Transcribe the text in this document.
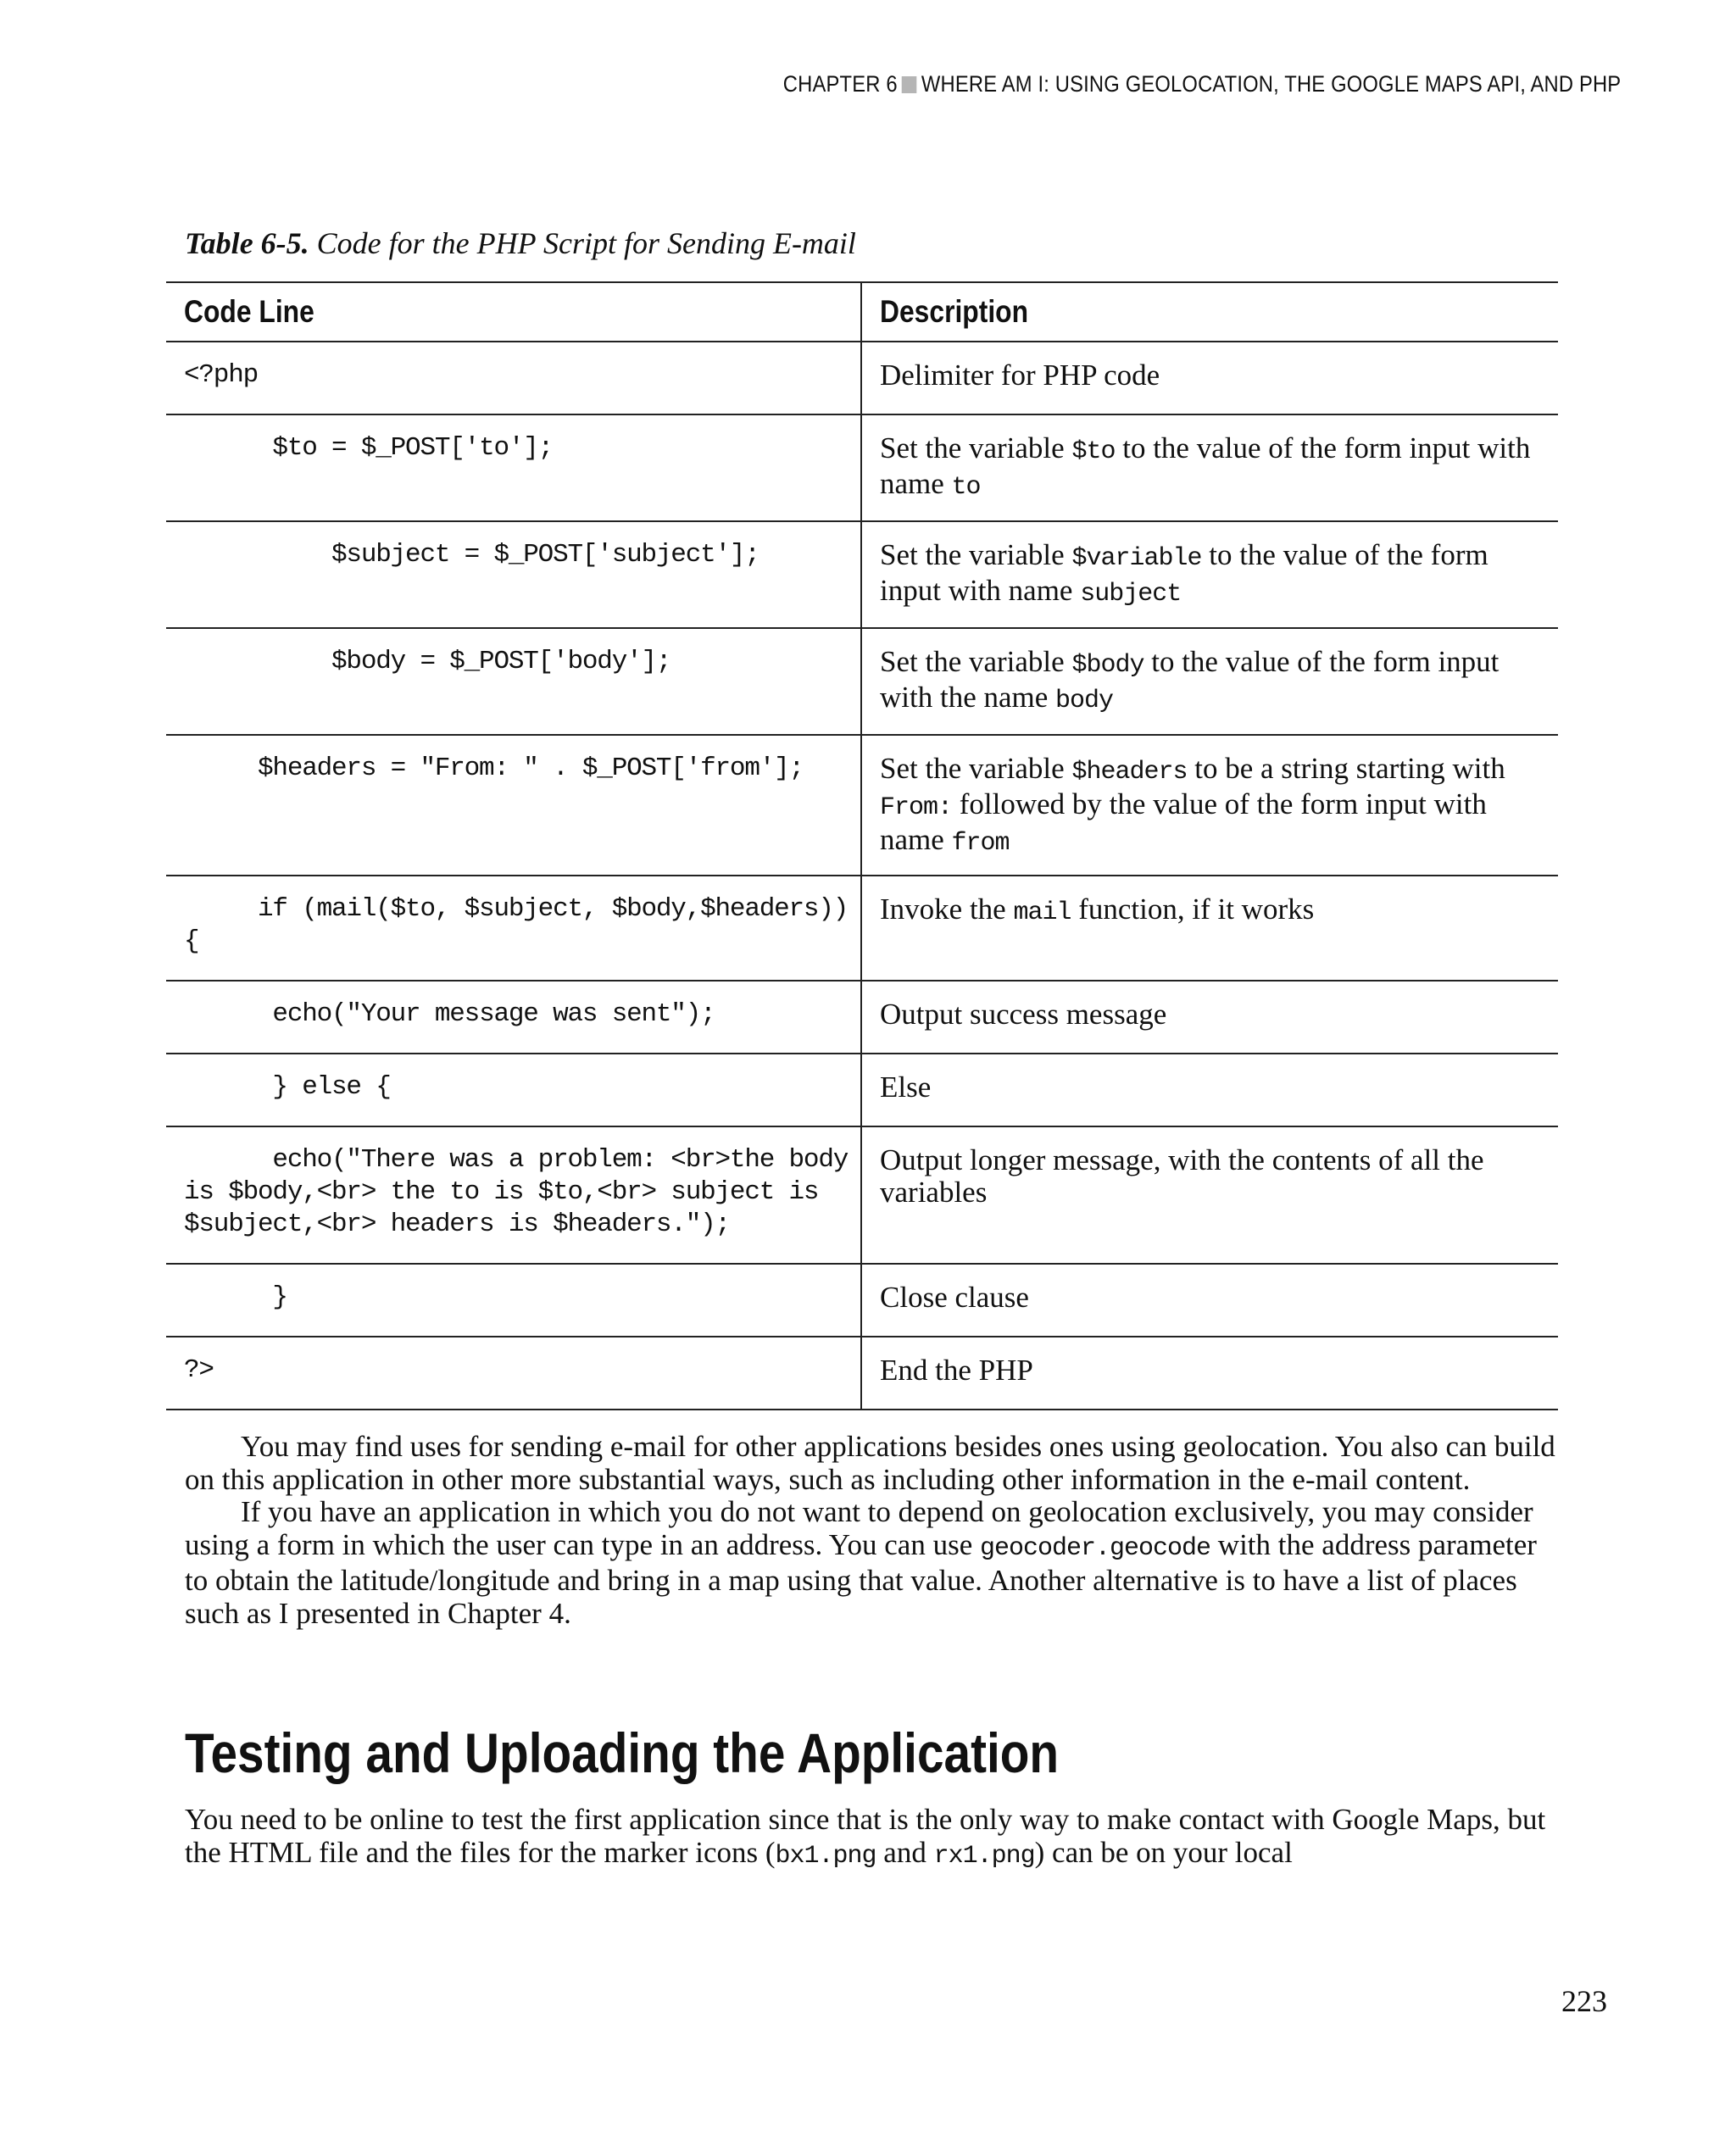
CHAPTER 6 WHERE AM I: USING GEOLOCATION, THE GOOGLE MAPS API, AND PHP
Table 6-5. Code for the PHP Script for Sending E-mail
Code Line	Description

<?php	Delimiter for PHP code

$to = $_POST['to'];	Set the variable $to to the value of the form input with name to

$subject = $_POST['subject'];	Set the variable $variable to the value of the form input with name subject

$body = $_POST['body'];	Set the variable $body to the value of the form input with the name body

$headers = "From: " . $_POST['from'];	Set the variable $headers to be a string starting with From: followed by the value of the form input with name from

if (mail($to, $subject, $body,$headers))
{	Invoke the mail function, if it works

echo("Your message was sent");	Output success message

} else {	Else

echo("There was a problem: <br>the body
is $body,<br> the to is $to,<br> subject is
$subject,<br> headers is $headers.");	Output longer message, with the contents of all the variables

}	Close clause

?>	End the PHP

You may find uses for sending e-mail for other applications besides ones using geolocation. You also can build on this application in other more substantial ways, such as including other information in the e-mail content.

If you have an application in which you do not want to depend on geolocation exclusively, you may consider using a form in which the user can type in an address. You can use geocoder.geocode with the address parameter to obtain the latitude/longitude and bring in a map using that value. Another alternative is to have a list of places such as I presented in Chapter 4.

Testing and Uploading the Application

You need to be online to test the first application since that is the only way to make contact with Google Maps, but the HTML file and the files for the marker icons (bx1.png and rx1.png) can be on your local

223
